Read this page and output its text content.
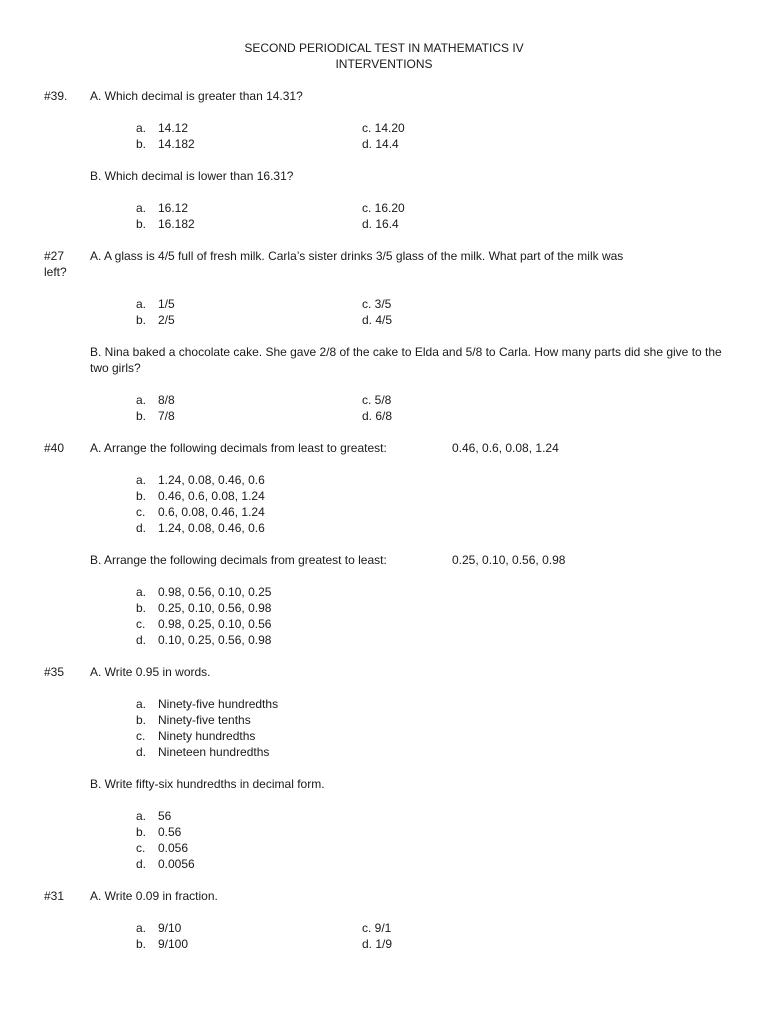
SECOND PERIODICAL TEST IN MATHEMATICS IV
INTERVENTIONS
#39. A. Which decimal is greater than 14.31?
a. 14.12
b. 14.182
c. 14.20
d. 14.4
B. Which decimal is lower than 16.31?
a. 16.12
b. 16.182
c. 16.20
d. 16.4
#27 A. A glass is 4/5 full of fresh milk. Carla’s sister drinks 3/5 glass of the milk. What part of the milk was
left?
a. 1/5
b. 2/5
c. 3/5
d. 4/5
B. Nina baked a chocolate cake. She gave 2/8 of the cake to Elda and 5/8 to Carla. How many parts did she give to the two girls?
a. 8/8
b. 7/8
c. 5/8
d. 6/8
#40 A. Arrange the following decimals from least to greatest:	0.46, 0.6, 0.08, 1.24
a. 1.24, 0.08, 0.46, 0.6
b. 0.46, 0.6, 0.08, 1.24
c. 0.6, 0.08, 0.46, 1.24
d. 1.24, 0.08, 0.46, 0.6
B. Arrange the following decimals from greatest to least:	0.25, 0.10, 0.56, 0.98
a. 0.98, 0.56, 0.10, 0.25
b. 0.25, 0.10, 0.56, 0.98
c. 0.98, 0.25, 0.10, 0.56
d. 0.10, 0.25, 0.56, 0.98
#35 A. Write 0.95 in words.
a. Ninety-five hundredths
b. Ninety-five tenths
c. Ninety hundredths
d. Nineteen hundredths
B. Write fifty-six hundredths in decimal form.
a. 56
b. 0.56
c. 0.056
d. 0.0056
#31 A. Write 0.09 in fraction.
a. 9/10
b. 9/100
c. 9/1
d. 1/9
